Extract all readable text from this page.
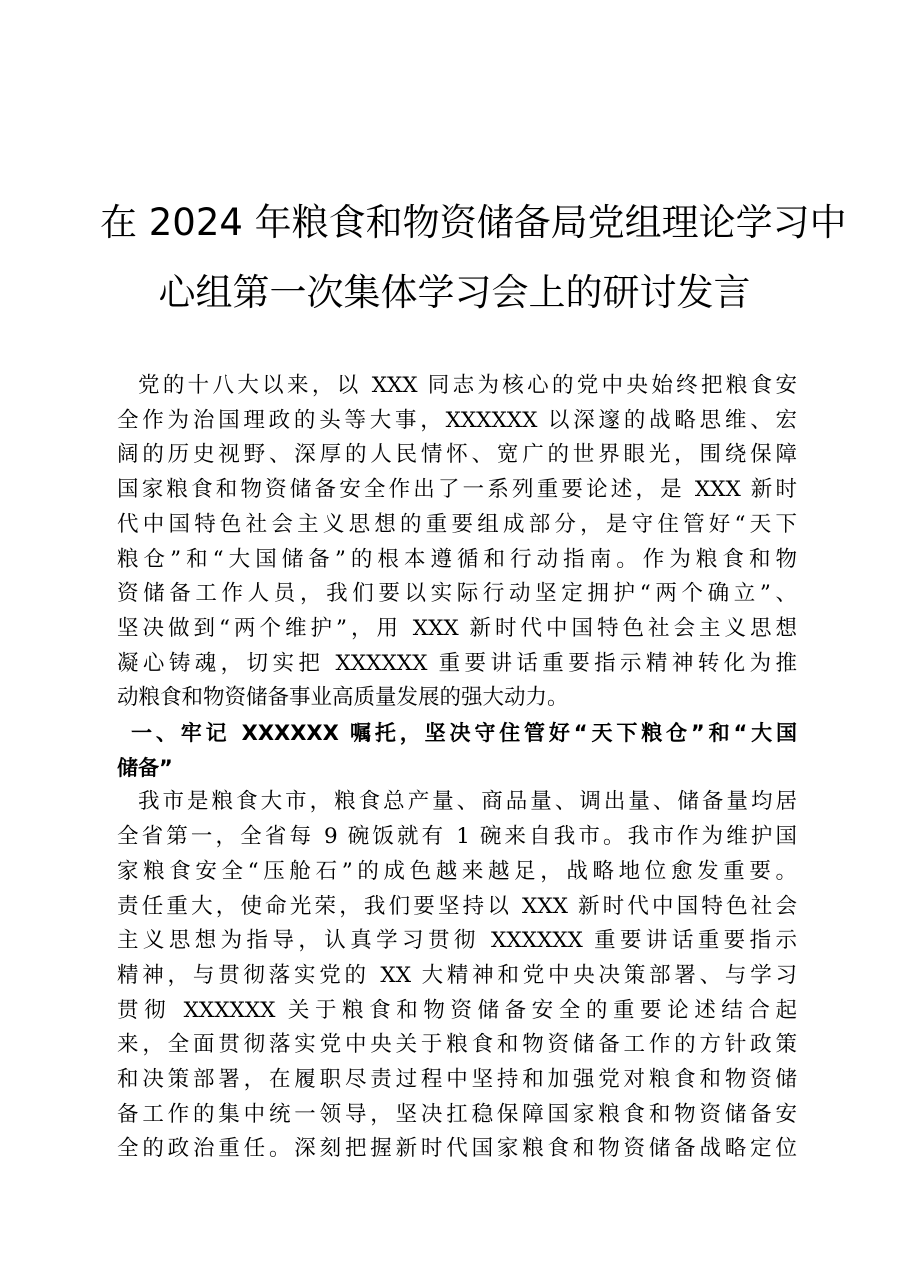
在 2024 年粮食和物资储备局党组理论学习中
心组第一次集体学习会上的研讨发言
党的十八大以来，以 XXX 同志为核心的党中央始终把粮食安
全作为治国理政的头等大事，XXXXXX 以深邃的战略思维、宏
阔的历史视野、深厚的人民情怀、宽广的世界眼光，围绕保障
国家粮食和物资储备安全作出了一系列重要论述，是 XXX 新时
代中国特色社会主义思想的重要组成部分，是守住管好“天下
粮仓”和“大国储备”的根本遵循和行动指南。作为粮食和物
资储备工作人员，我们要以实际行动坚定拥护“两个确立”、
坚决做到“两个维护”，用 XXX 新时代中国特色社会主义思想
凝心铸魂，切实把 XXXXXX 重要讲话重要指示精神转化为推
动粮食和物资储备事业高质量发展的强大动力。
一、牢记 XXXXXX 嘱托，坚决守住管好“天下粮仓”和“大国
储备”
我市是粮食大市，粮食总产量、商品量、调出量、储备量均居
全省第一，全省每 9 碗饭就有 1 碗来自我市。我市作为维护国
家粮食安全“压舱石”的成色越来越足，战略地位愈发重要。
责任重大，使命光荣，我们要坚持以 XXX 新时代中国特色社会
主义思想为指导，认真学习贯彻 XXXXXX 重要讲话重要指示
精神，与贯彻落实党的 XX 大精神和党中央决策部署、与学习
贯彻 XXXXXX 关于粮食和物资储备安全的重要论述结合起
来，全面贯彻落实党中央关于粮食和物资储备工作的方针政策
和决策部署，在履职尽责过程中坚持和加强党对粮食和物资储
备工作的集中统一领导，坚决扛稳保障国家粮食和物资储备安
全的政治重任。深刻把握新时代国家粮食和物资储备战略定位
